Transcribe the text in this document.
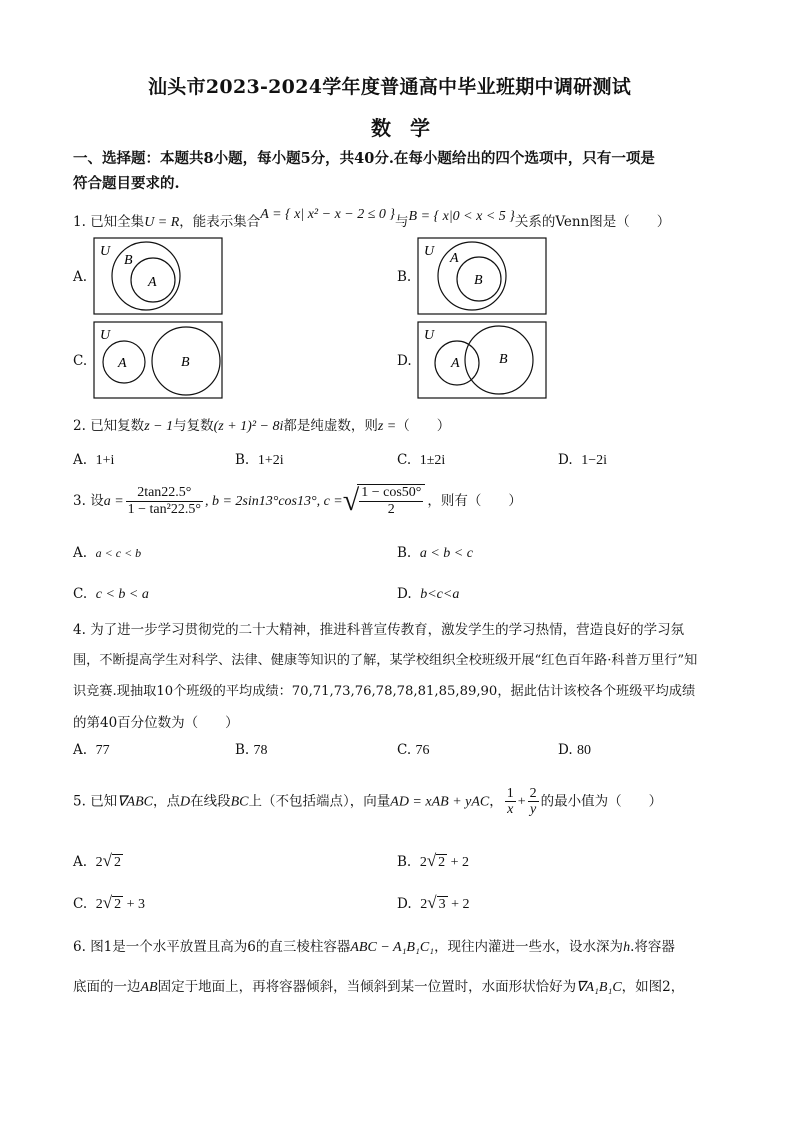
汕头市2023-2024学年度普通高中毕业班期中调研测试
数 学
一、选择题：本题共8小题，每小题5分，共40分.在每小题给出的四个选项中，只有一项是
符合题目要求的.
1. 已知全集U = R，能表示集合A = { x| x² − x − 2 ≤ 0 }与B = { x|0 < x < 5 }关系的Venn图是（　　）
A.	B.
C.	D.
U
B
A
U A
B
U
A	B
U
A	B
2. 已知复数z − 1与复数(z + 1)² − 8i都是纯虚数，则z =（　　）
A. 1+i	B. 1+2i	C. 1±2i	D. 1−2i
3. 设$a = \frac{2\tan 22.5^\circ}{\text{1 − tan²22.5°}}$ , b = 2sin13°cos13°, c =√
$\frac{1 - \cos 50^\circ}{2}$ ，则有（　　）
A. a < c < b	B. a < b < c
C. c < b < a	D. b<c<a
4. 为了进一步学习贯彻党的二十大精神，推进科普宣传教育，激发学生的学习热情，营造良好的学习氛
围，不断提高学生对科学、法律、健康等知识的了解，某学校组织全校班级开展“红色百年路·科普万里行”知
识竞赛.现抽取10个班级的平均成绩：70,71,73,76,78,78,81,85,89,90，据此估计该校各个班级平均成绩
的第40百分位数为（　　）
A. 77	B. 78	C. 76	D. 80
5. 已知∇ABC，点D在线段BC上（不包括端点），向量AD = xAB + yAC， $\frac{1}{x} + \frac{2}{y}$ 的最小值为（　　）
A. 2√ 2	B. 2√ 2 + 2
C. 2√ 2 + 3	D. 2√ 3 + 2
6. 图1是一个水平放置且高为6的直三棱柱容器ABC − A₁B₁C₁，现往内灌进一些水，设水深为h.将容器
底面的一边AB固定于地面上，再将容器倾斜，当倾斜到某一位置时，水面形状恰好为∇A₁B₁C，如图2，
